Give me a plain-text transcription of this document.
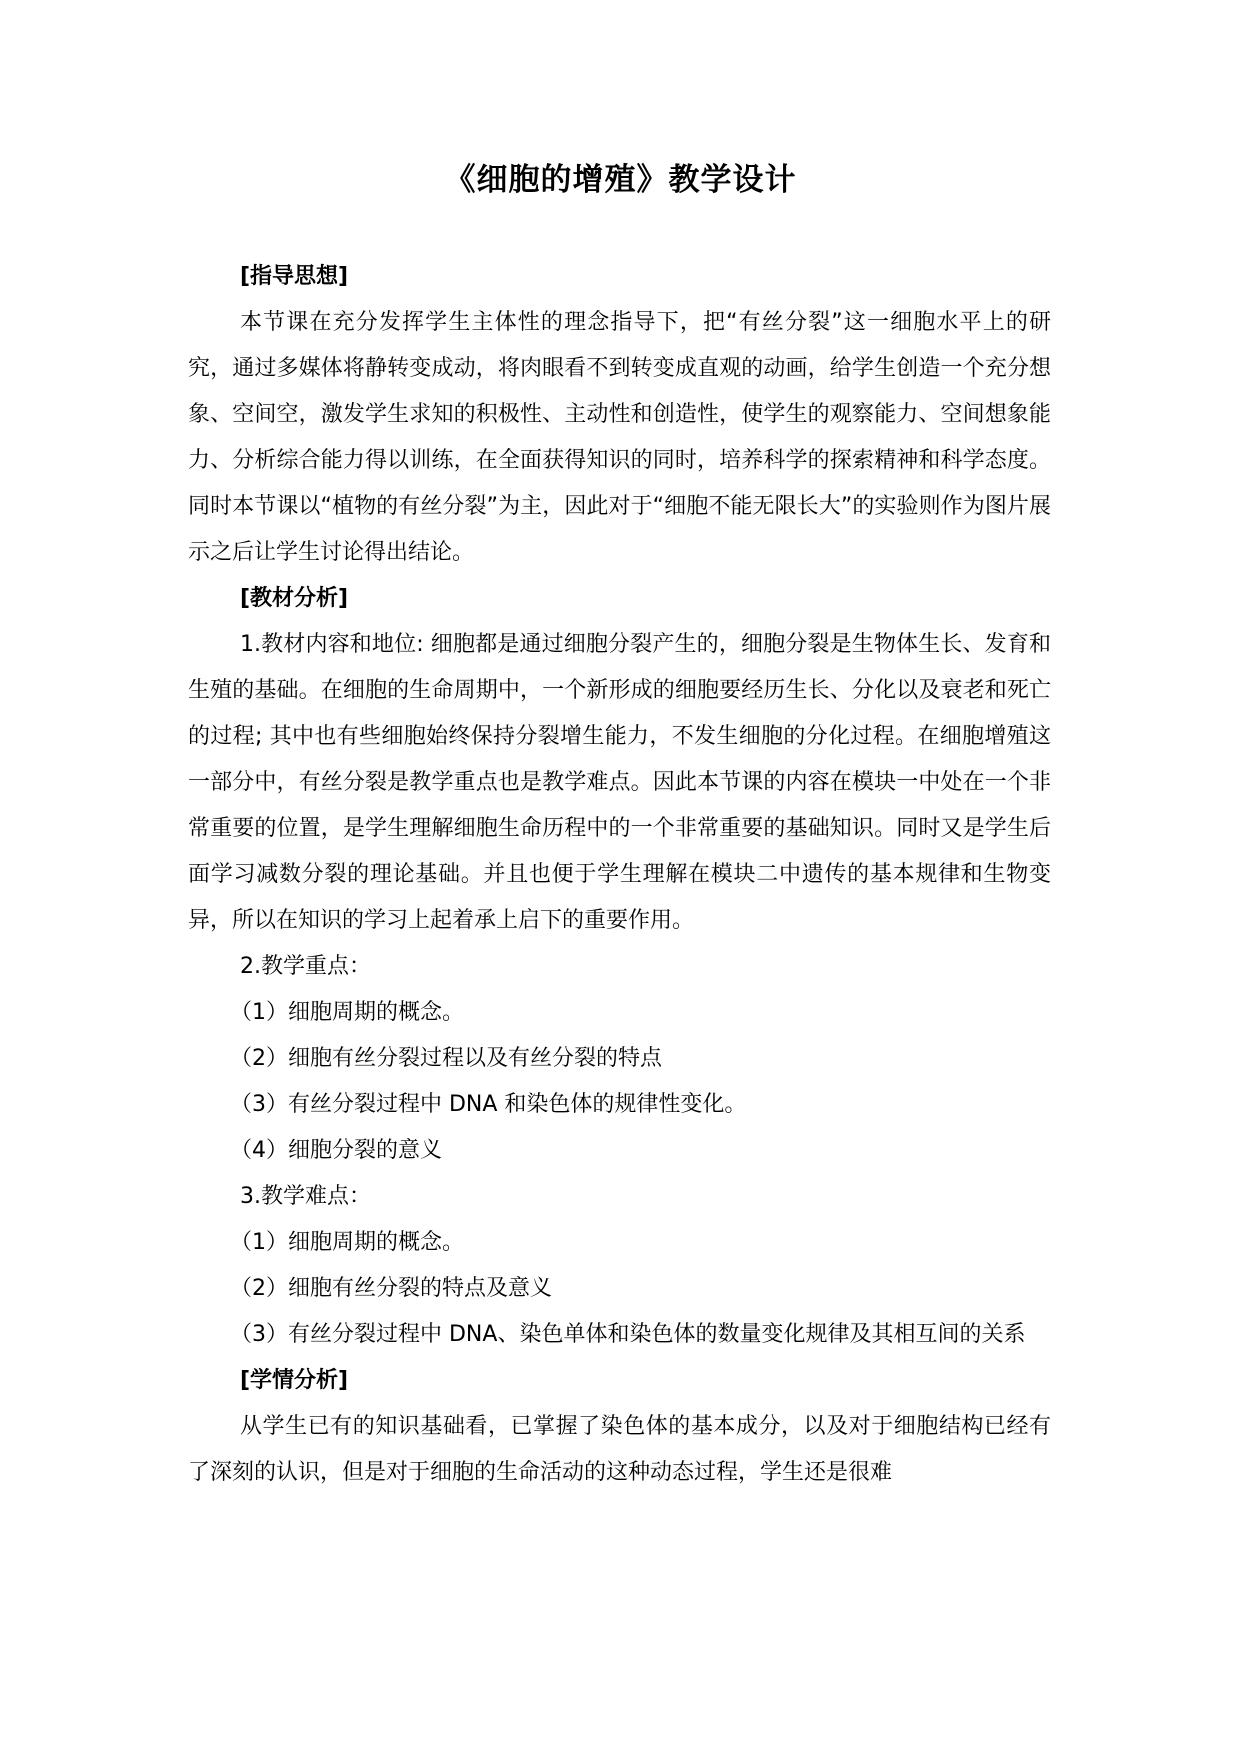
《细胞的增殖》教学设计

[指导思想]

本节课在充分发挥学生主体性的理念指导下，把“有丝分裂”这一细胞水平上的研究，通过多媒体将静转变成动，将肉眼看不到转变成直观的动画，给学生创造一个充分想象、空间空，激发学生求知的积极性、主动性和创造性，使学生的观察能力、空间想象能力、分析综合能力得以训练，在全面获得知识的同时，培养科学的探索精神和科学态度。同时本节课以“植物的有丝分裂”为主，因此对于“细胞不能无限长大”的实验则作为图片展示之后让学生讨论得出结论。

[教材分析]

1.教材内容和地位: 细胞都是通过细胞分裂产生的，细胞分裂是生物体生长、发育和生殖的基础。在细胞的生命周期中，一个新形成的细胞要经历生长、分化以及衰老和死亡的过程; 其中也有些细胞始终保持分裂增生能力，不发生细胞的分化过程。在细胞增殖这一部分中，有丝分裂是教学重点也是教学难点。因此本节课的内容在模块一中处在一个非常重要的位置，是学生理解细胞生命历程中的一个非常重要的基础知识。同时又是学生后面学习减数分裂的理论基础。并且也便于学生理解在模块二中遗传的基本规律和生物变异，所以在知识的学习上起着承上启下的重要作用。

2.教学重点：

（1）细胞周期的概念。

（2）细胞有丝分裂过程以及有丝分裂的特点

（3）有丝分裂过程中 DNA 和染色体的规律性变化。

（4）细胞分裂的意义

3.教学难点：

（1）细胞周期的概念。

（2）细胞有丝分裂的特点及意义

（3）有丝分裂过程中 DNA、染色单体和染色体的数量变化规律及其相互间的关系

[学情分析]

从学生已有的知识基础看，已掌握了染色体的基本成分，以及对于细胞结构已经有了深刻的认识，但是对于细胞的生命活动的这种动态过程，学生还是很难
